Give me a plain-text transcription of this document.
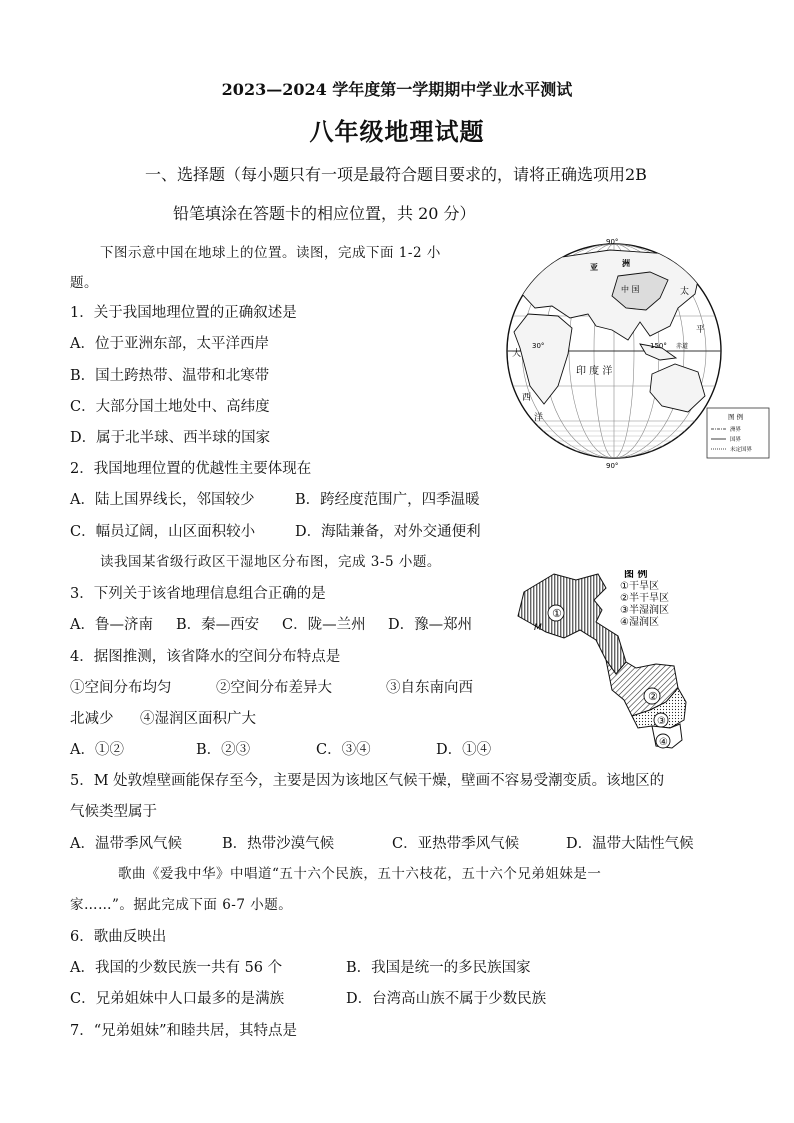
2023—2024 学年度第一学期期中学业水平测试
八年级地理试题
一、选择题（每小题只有一项是最符合题目要求的，请将正确选项用2B
铅笔填涂在答题卡的相应位置，共 20 分）
下图示意中国在地球上的位置。读图，完成下面 1-2 小
题。
1．关于我国地理位置的正确叙述是
A．位于亚洲东部，太平洋西岸
B．国土跨热带、温带和北寒带
C．大部分国土地处中、高纬度
D．属于北半球、西半球的国家
2．我国地理位置的优越性主要体现在
A．陆上国界线长，邻国较少	B．跨经度范围广，四季温暖
C．幅员辽阔，山区面积较小	D．海陆兼备，对外交通便利
读我国某省级行政区干湿地区分布图，完成 3-5 小题。
3．下列关于该省地理信息组合正确的是
A．鲁—济南 B．秦—西安 C．陇—兰州 D．豫—郑州
4．据图推测，该省降水的空间分布特点是
①空间分布均匀	②空间分布差异大	③自东南向西
北减少 ④湿润区面积广大
A．①②	B．②③	C．③④	D．①④
5．M 处敦煌壁画能保存至今，主要是因为该地区气候干燥，壁画不容易受潮变质。该地区的
气候类型属于
A．温带季风气候	B．热带沙漠气候	C．亚热带季风气候	D．温带大陆性气候
歌曲《爱我中华》中唱道“五十六个民族，五十六枝花，五十六个兄弟姐妹是一
家……”。据此完成下面 6-7 小题。
6．歌曲反映出
A．我国的少数民族一共有 56 个	B．我国是统一的多民族国家
C．兄弟姐妹中人口最多的是满族	D．台湾高山族不属于少数民族
7．“兄弟姐妹”和睦共居，其特点是
90°
90°
30°	150° 赤道
亚	洲
中 国	太
平
大
西
洋
印 度 洋
图 例
洲界
国界
未定国界
①
M
②
③
④
图 例
①干旱区
②半干旱区
③半湿润区
④湿润区
